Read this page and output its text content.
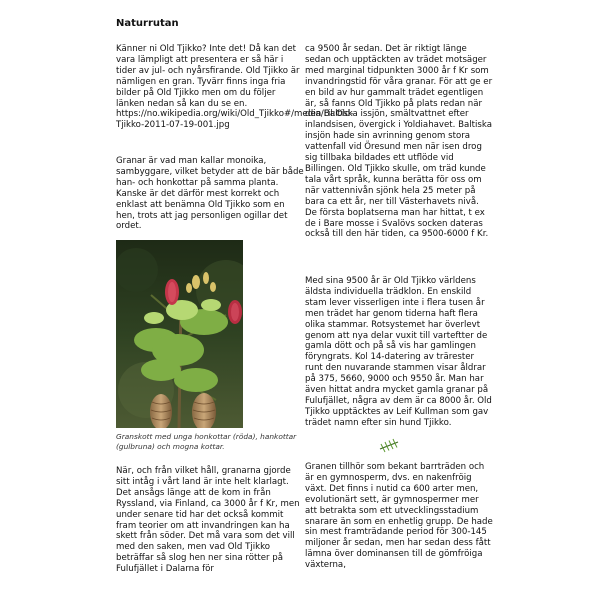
Naturrutan

Känner ni Old Tjikko? Inte det! Då kan det vara lämpligt att presentera er så här i tider av jul- och nyårsfirande. Old Tjikko är nämligen en gran. Tyvärr finns inga fria bilder på Old Tjikko men om du följer länken nedan så kan du se en. https://no.wikipedia.org/wiki/Old_Tjikko#/media/Fil:Old-Tjikko-2011-07-19-001.jpg

Granar är vad man kallar monoika, sambyggare, vilket betyder att de bär både han- och honkottar på samma planta. Kanske är det därför mest korrekt och enklast att benämna Old Tjikko som en hen, trots att jag personligen ogillar det ordet.

Granskott med unga honkottar (röda), hankottar (gulbruna) och mogna kottar.

När, och från vilket håll, granarna gjorde sitt intåg i vårt land är inte helt klarlagt. Det ansågs länge att de kom in från Ryssland, via Finland, ca 3000 år f Kr, men under senare tid har det också kommit fram teorier om att invandringen kan ha skett från söder. Det må vara som det vill med den saken, men vad Old Tjikko beträffar så slog hen ner sina rötter på Fulufjället i Dalarna för

ca 9500 år sedan. Det är riktigt länge sedan och upptäckten av trädet motsäger med marginal tidpunkten 3000 år f Kr som invandringstid för våra granar. För att ge er en bild av hur gammalt trädet egentligen är, så fanns Old Tjikko på plats redan när den Baltiska issjön, smältvattnet efter inlandsisen, övergick i Yoldiahavet. Baltiska insjön hade sin avrinning genom stora vattenfall vid Öresund men när isen drog sig tillbaka bildades ett utflöde vid Billingen. Old Tjikko skulle, om träd kunde tala vårt språk, kunna berätta för oss om när vattennivån sjönk hela 25 meter på bara ca ett år, ner till Västerhavets nivå. De första boplatserna man har hittat, t ex de i Bare mosse i Svalövs socken dateras också till den här tiden, ca 9500-6000 f Kr.

Med sina 9500 år är Old Tjikko världens äldsta individuella trädklon. En enskild stam lever visserligen inte i flera tusen år men trädet har genom tiderna haft flera olika stammar. Rotsystemet har överlevt genom att nya delar vuxit till varteftter de gamla dött och på så vis har gamlingen föryngrats. Kol 14-datering av trärester runt den nuvarande stammen visar åldrar på 375, 5660, 9000 och 9550 år. Man har även hittat andra mycket gamla granar på Fulufjället, några av dem är ca 8000 år. Old Tjikko upptäcktes av Leif Kullman som gav trädet namn efter sin hund Tjikko.

Granen tillhör som bekant barrträden och är en gymnosperm, dvs. en nakenfröig växt. Det finns i nutid ca 600 arter men, evolutionärt sett, är gymnospermer mer att betrakta som ett utvecklingsstadium snarare än som en enhetlig grupp. De hade sin mest framträdande period för 300-145 miljoner år sedan, men har sedan dess fått lämna över dominansen till de gömfröiga växterna,
